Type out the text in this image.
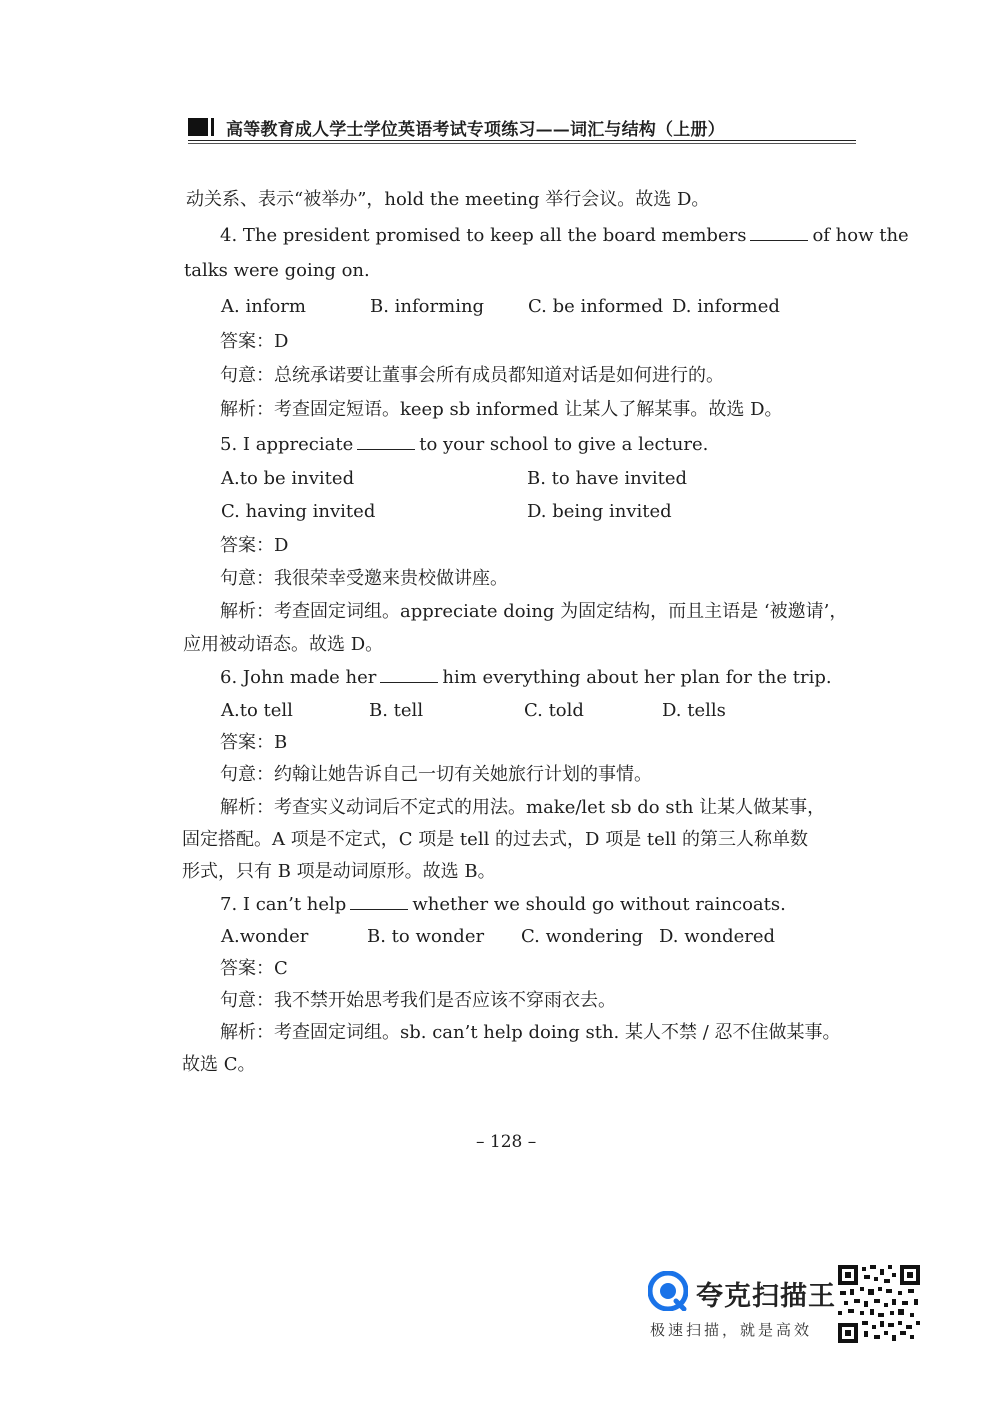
高等教育成人学士学位英语考试专项练习——词汇与结构（上册）
动关系、表示“被举办”，hold the meeting 举行会议。故选 D。
4. The president promised to keep all the board members	of how the
talks were going on.
A. inform	B. informing C. be informed D. informed
答案：D
句意：总统承诺要让董事会所有成员都知道对话是如何进行的。
解析：考查固定短语。keep sb informed 让某人了解某事。故选 D。
5. I appreciate	to your school to give a lecture.
A.to be invited	B. to have invited
C. having invited	D. being invited
答案：D
句意：我很荣幸受邀来贵校做讲座。
解析：考查固定词组。appreciate doing 为固定结构，而且主语是 ‘被邀请’，
应用被动语态。故选 D。
6. John made her	him everything about her plan for the trip.
A.to tell	B. tell	C. told	D. tells
答案：B
句意：约翰让她告诉自己一切有关她旅行计划的事情。
解析：考查实义动词后不定式的用法。make/let sb do sth 让某人做某事，
固定搭配。A 项是不定式，C 项是 tell 的过去式，D 项是 tell 的第三人称单数
形式，只有 B 项是动词原形。故选 B。
7. I can’t help	whether we should go without raincoats.
A.wonder	B. to wonder C. wondering D. wondered
答案：C
句意：我不禁开始思考我们是否应该不穿雨衣去。
解析：考查固定词组。sb. can’t help doing sth. 某人不禁 / 忍不住做某事。
故选 C。
– 128 –
夸克扫描王
极速扫描，就是高效
